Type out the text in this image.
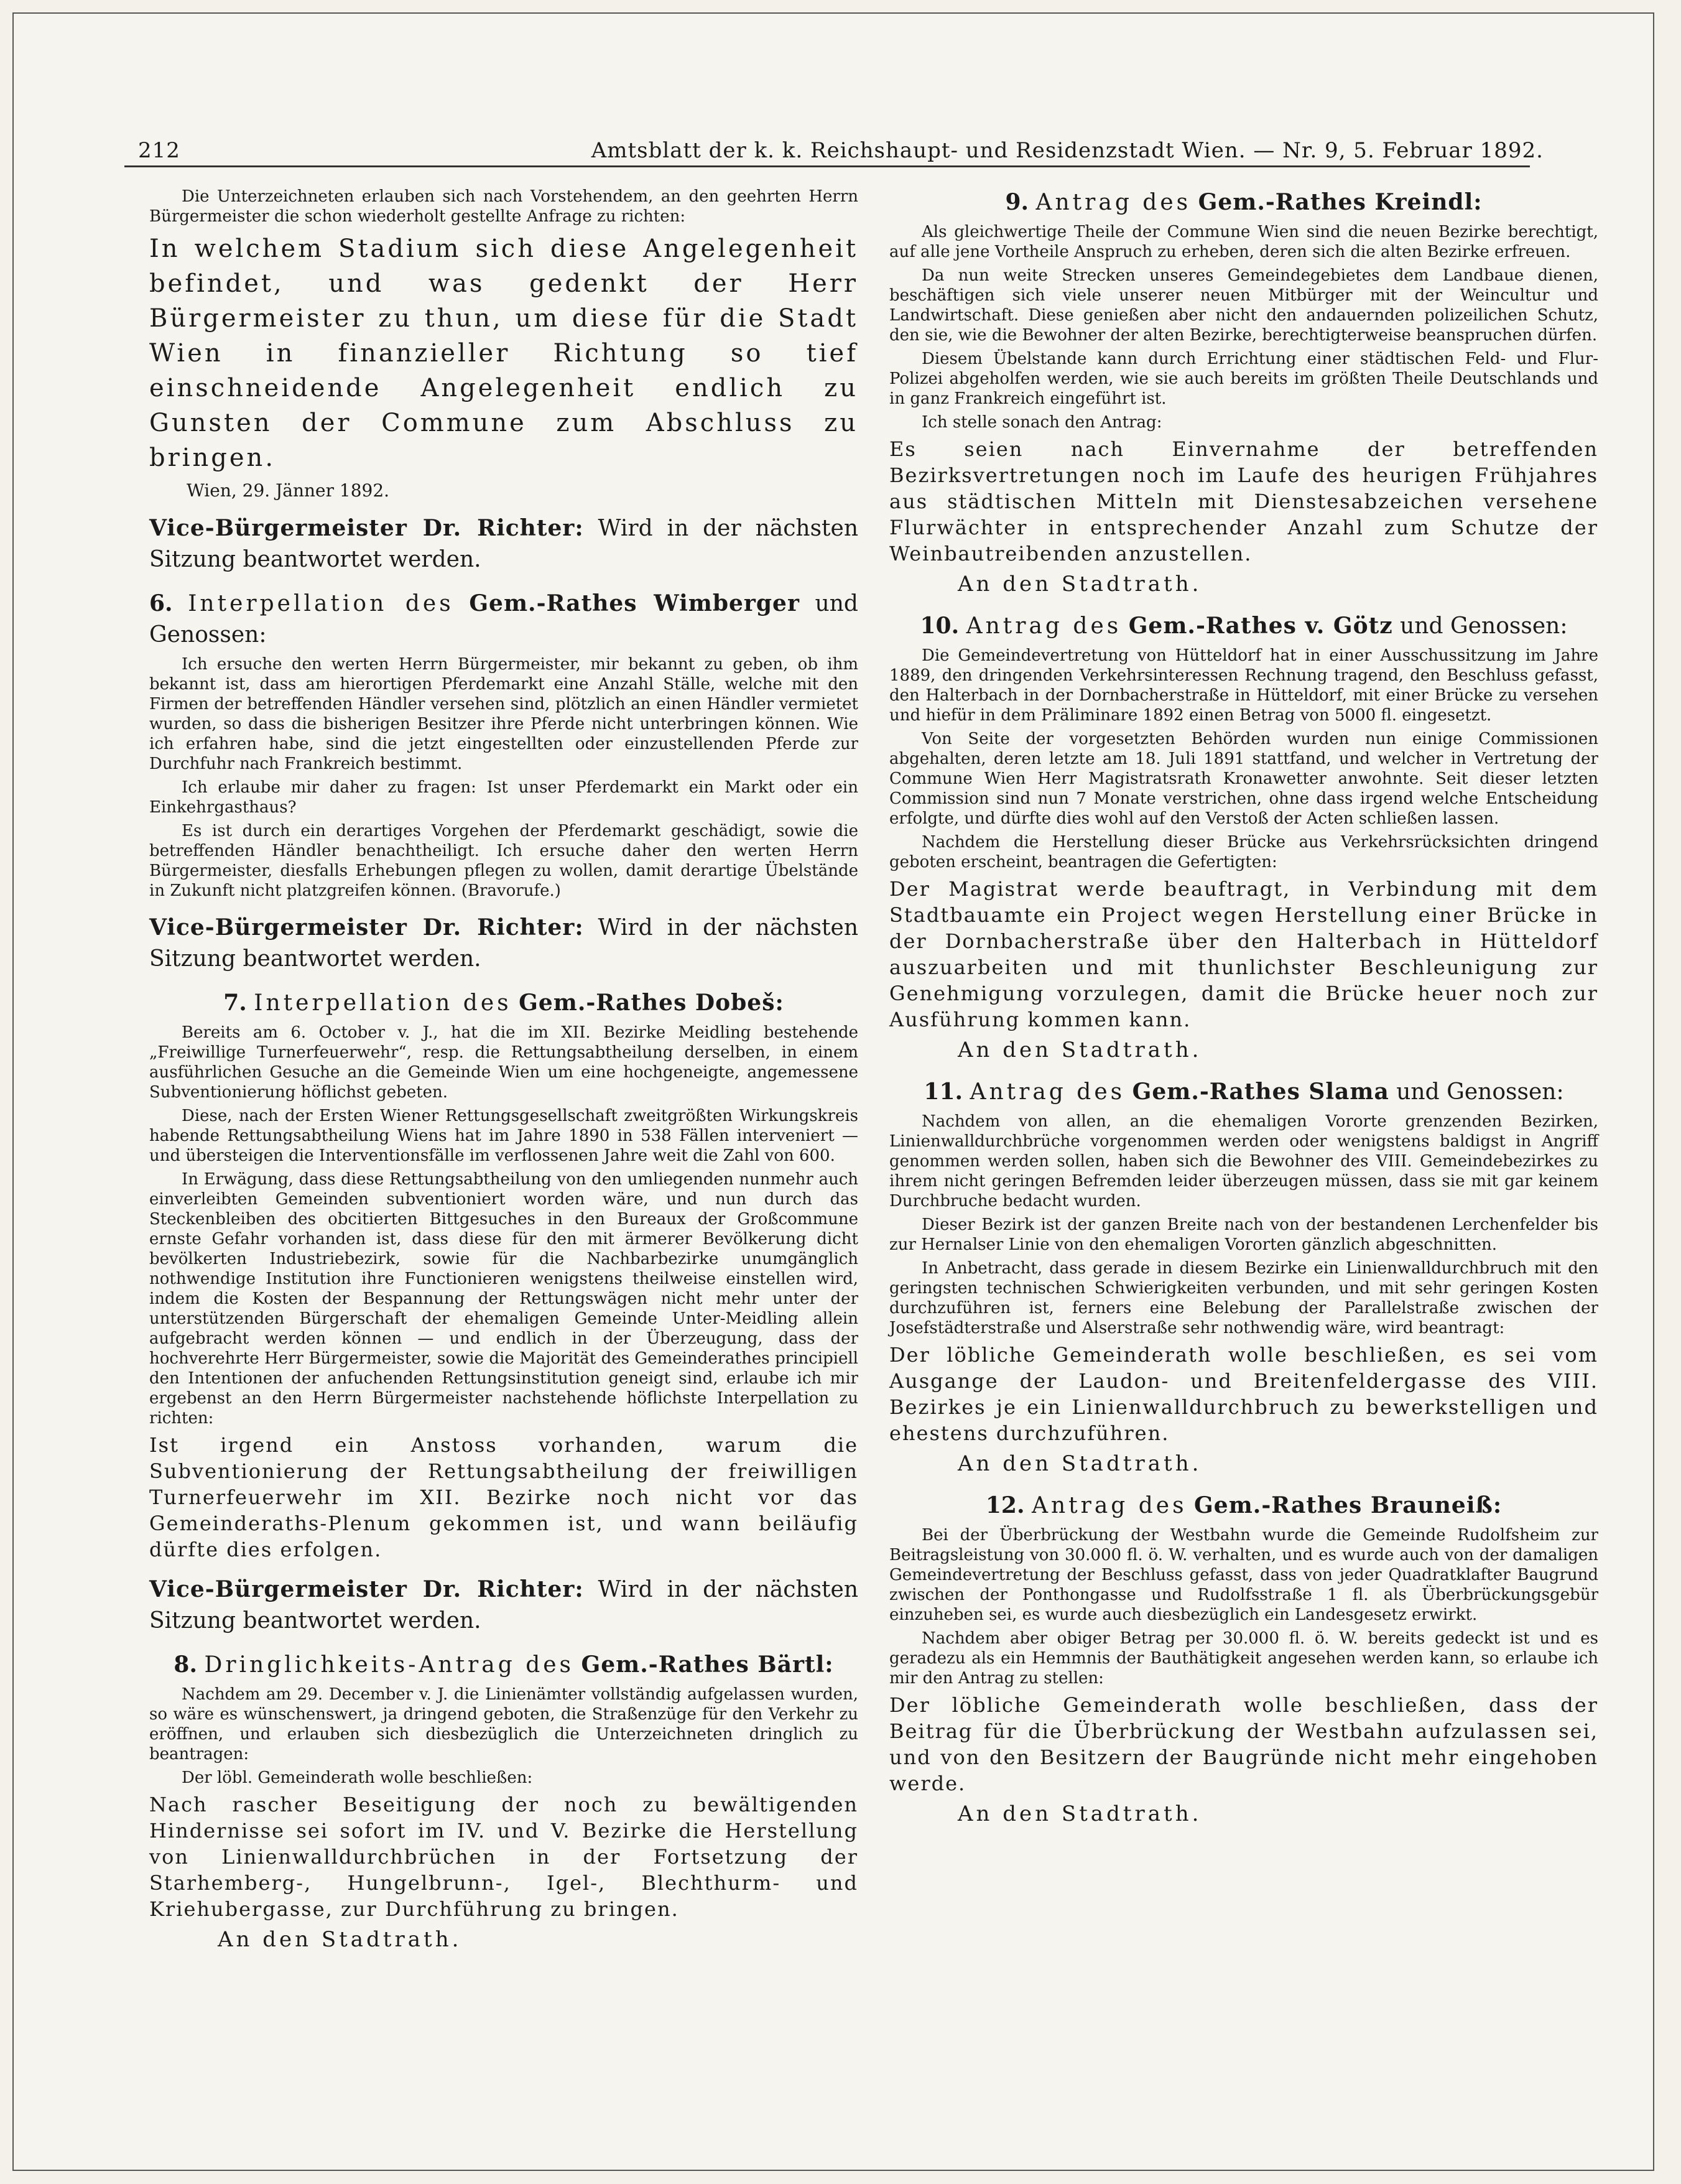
212	Amtsblatt der k. k. Reichshaupt- und Residenzstadt Wien. — Nr. 9, 5. Februar 1892.

Die Unterzeichneten erlauben sich nach Vorstehendem, an den geehrten Herrn Bürgermeister die schon wiederholt gestellte Anfrage zu richten:

In welchem Stadium sich diese Angelegenheit befindet, und was gedenkt der Herr Bürgermeister zu thun, um diese für die Stadt Wien in finanzieller Richtung so tief einschneidende Angelegenheit endlich zu Gunsten der Commune zum Abschluss zu bringen.

Wien, 29. Jänner 1892.

Vice-Bürgermeister Dr. Richter: Wird in der nächsten Sitzung beantwortet werden.

6. Interpellation des Gem.-Rathes Wimberger und Genossen:

Ich ersuche den werten Herrn Bürgermeister, mir bekannt zu geben, ob ihm bekannt ist, dass am hierortigen Pferdemarkt eine Anzahl Ställe, welche mit den Firmen der betreffenden Händler versehen sind, plötzlich an einen Händler vermietet wurden, so dass die bisherigen Besitzer ihre Pferde nicht unterbringen können. Wie ich erfahren habe, sind die jetzt eingestellten oder einzustellenden Pferde zur Durchfuhr nach Frankreich bestimmt.

Ich erlaube mir daher zu fragen: Ist unser Pferdemarkt ein Markt oder ein Einkehrgasthaus?

Es ist durch ein derartiges Vorgehen der Pferdemarkt geschädigt, sowie die betreffenden Händler benachtheiligt. Ich ersuche daher den werten Herrn Bürgermeister, diesfalls Erhebungen pflegen zu wollen, damit derartige Übelstände in Zukunft nicht platzgreifen können. (Bravorufe.)

Vice-Bürgermeister Dr. Richter: Wird in der nächsten Sitzung beantwortet werden.

7. Interpellation des Gem.-Rathes Dobeš:

Bereits am 6. October v. J., hat die im XII. Bezirke Meidling bestehende „Freiwillige Turnerfeuerwehr“, resp. die Rettungsabtheilung derselben, in einem ausführlichen Gesuche an die Gemeinde Wien um eine hochgeneigte, angemessene Subventionierung höflichst gebeten.

Diese, nach der Ersten Wiener Rettungsgesellschaft zweitgrößten Wirkungskreis habende Rettungsabtheilung Wiens hat im Jahre 1890 in 538 Fällen interveniert — und übersteigen die Interventionsfälle im verflossenen Jahre weit die Zahl von 600.

In Erwägung, dass diese Rettungsabtheilung von den umliegenden nunmehr auch einverleibten Gemeinden subventioniert worden wäre, und nun durch das Steckenbleiben des obcitierten Bittgesuches in den Bureaux der Großcommune ernste Gefahr vorhanden ist, dass diese für den mit ärmerer Bevölkerung dicht bevölkerten Industriebezirk, sowie für die Nachbarbezirke unumgänglich nothwendige Institution ihre Functionieren wenigstens theilweise einstellen wird, indem die Kosten der Bespannung der Rettungswägen nicht mehr unter der unterstützenden Bürgerschaft der ehemaligen Gemeinde Unter-Meidling allein aufgebracht werden können — und endlich in der Überzeugung, dass der hochverehrte Herr Bürgermeister, sowie die Majorität des Gemeinderathes principiell den Intentionen der anfuchenden Rettungsinstitution geneigt sind, erlaube ich mir ergebenst an den Herrn Bürgermeister nachstehende höflichste Interpellation zu richten:

Ist irgend ein Anstoss vorhanden, warum die Subventionierung der Rettungsabtheilung der freiwilligen Turnerfeuerwehr im XII. Bezirke noch nicht vor das Gemeinderaths-Plenum gekommen ist, und wann beiläufig dürfte dies erfolgen.

Vice-Bürgermeister Dr. Richter: Wird in der nächsten Sitzung beantwortet werden.

8. Dringlichkeits-Antrag des Gem.-Rathes Bärtl:

Nachdem am 29. December v. J. die Linienämter vollständig aufgelassen wurden, so wäre es wünschenswert, ja dringend geboten, die Straßenzüge für den Verkehr zu eröffnen, und erlauben sich diesbezüglich die Unterzeichneten dringlich zu beantragen:

Der löbl. Gemeinderath wolle beschließen:

Nach rascher Beseitigung der noch zu bewältigenden Hindernisse sei sofort im IV. und V. Bezirke die Herstellung von Linienwalldurchbrüchen in der Fortsetzung der Starhemberg-, Hungelbrunn-, Igel-, Blechthurm- und Kriehubergasse, zur Durchführung zu bringen.

An den Stadtrath.

9. Antrag des Gem.-Rathes Kreindl:

Als gleichwertige Theile der Commune Wien sind die neuen Bezirke berechtigt, auf alle jene Vortheile Anspruch zu erheben, deren sich die alten Bezirke erfreuen.

Da nun weite Strecken unseres Gemeindegebietes dem Landbaue dienen, beschäftigen sich viele unserer neuen Mitbürger mit der Weincultur und Landwirtschaft. Diese genießen aber nicht den andauernden polizeilichen Schutz, den sie, wie die Bewohner der alten Bezirke, berechtigterweise beanspruchen dürfen.

Diesem Übelstande kann durch Errichtung einer städtischen Feld- und Flur-Polizei abgeholfen werden, wie sie auch bereits im größten Theile Deutschlands und in ganz Frankreich eingeführt ist.

Ich stelle sonach den Antrag:

Es seien nach Einvernahme der betreffenden Bezirksvertretungen noch im Laufe des heurigen Frühjahres aus städtischen Mitteln mit Dienstesabzeichen versehene Flurwächter in entsprechender Anzahl zum Schutze der Weinbautreibenden anzustellen.

An den Stadtrath.

10. Antrag des Gem.-Rathes v. Götz und Genossen:

Die Gemeindevertretung von Hütteldorf hat in einer Ausschussitzung im Jahre 1889, den dringenden Verkehrsinteressen Rechnung tragend, den Beschluss gefasst, den Halterbach in der Dornbacherstraße in Hütteldorf, mit einer Brücke zu versehen und hiefür in dem Präliminare 1892 einen Betrag von 5000 fl. eingesetzt.

Von Seite der vorgesetzten Behörden wurden nun einige Commissionen abgehalten, deren letzte am 18. Juli 1891 stattfand, und welcher in Vertretung der Commune Wien Herr Magistratsrath Kronawetter anwohnte. Seit dieser letzten Commission sind nun 7 Monate verstrichen, ohne dass irgend welche Entscheidung erfolgte, und dürfte dies wohl auf den Verstoß der Acten schließen lassen.

Nachdem die Herstellung dieser Brücke aus Verkehrsrücksichten dringend geboten erscheint, beantragen die Gefertigten:

Der Magistrat werde beauftragt, in Verbindung mit dem Stadtbauamte ein Project wegen Herstellung einer Brücke in der Dornbacherstraße über den Halterbach in Hütteldorf auszuarbeiten und mit thunlichster Beschleunigung zur Genehmigung vorzulegen, damit die Brücke heuer noch zur Ausführung kommen kann.

An den Stadtrath.

11. Antrag des Gem.-Rathes Slama und Genossen:

Nachdem von allen, an die ehemaligen Vororte grenzenden Bezirken, Linienwalldurchbrüche vorgenommen werden oder wenigstens baldigst in Angriff genommen werden sollen, haben sich die Bewohner des VIII. Gemeindebezirkes zu ihrem nicht geringen Befremden leider überzeugen müssen, dass sie mit gar keinem Durchbruche bedacht wurden.

Dieser Bezirk ist der ganzen Breite nach von der bestandenen Lerchenfelder bis zur Hernalser Linie von den ehemaligen Vororten gänzlich abgeschnitten.

In Anbetracht, dass gerade in diesem Bezirke ein Linienwalldurchbruch mit den geringsten technischen Schwierigkeiten verbunden, und mit sehr geringen Kosten durchzuführen ist, ferners eine Belebung der Parallelstraße zwischen der Josefstädterstraße und Alserstraße sehr nothwendig wäre, wird beantragt:

Der löbliche Gemeinderath wolle beschließen, es sei vom Ausgange der Laudon- und Breitenfeldergasse des VIII. Bezirkes je ein Linienwalldurchbruch zu bewerkstelligen und ehestens durchzuführen.

An den Stadtrath.

12. Antrag des Gem.-Rathes Brauneiß:

Bei der Überbrückung der Westbahn wurde die Gemeinde Rudolfsheim zur Beitragsleistung von 30.000 fl. ö. W. verhalten, und es wurde auch von der damaligen Gemeindevertretung der Beschluss gefasst, dass von jeder Quadratklafter Baugrund zwischen der Ponthongasse und Rudolfsstraße 1 fl. als Überbrückungsgebür einzuheben sei, es wurde auch diesbezüglich ein Landesgesetz erwirkt.

Nachdem aber obiger Betrag per 30.000 fl. ö. W. bereits gedeckt ist und es geradezu als ein Hemmnis der Bauthätigkeit angesehen werden kann, so erlaube ich mir den Antrag zu stellen:

Der löbliche Gemeinderath wolle beschließen, dass der Beitrag für die Überbrückung der Westbahn aufzulassen sei, und von den Besitzern der Baugründe nicht mehr eingehoben werde.

An den Stadtrath.
